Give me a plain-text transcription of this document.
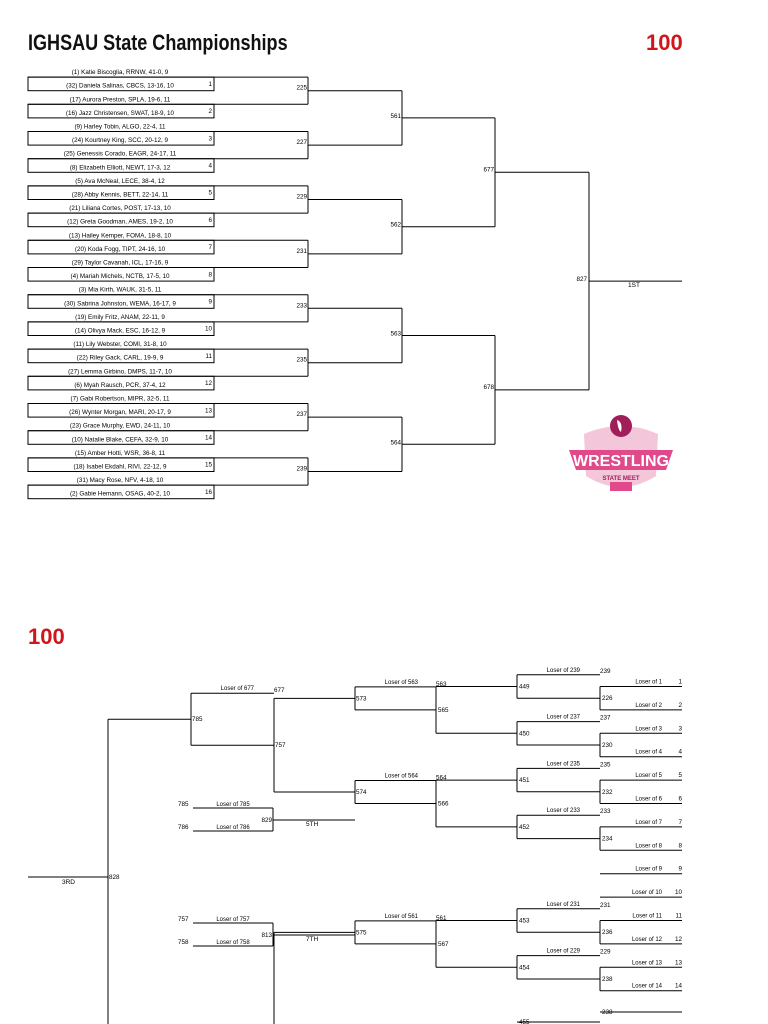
IGHSAU State Championships	100
100
WRESTLING
STATE MEET
(1) Katie Biscoglia, RRNW, 41-0, 9
(32) Daniela Salinas, CBCS, 13-16, 10
(17) Aurora Preston, SPLA, 19-6, 11
(16) Jazz Christensen, SWAT, 18-9, 10
(9) Harley Tobin, ALGO, 22-4, 11
(24) Kourtney King, SCC, 20-12, 9
(25) Genessis Corado, EAGR, 24-17, 11
(8) Elizabeth Elliott, NEWT, 17-3, 12
(5) Ava McNeal, LECE, 38-4, 12
(28) Abby Kennis, BETT, 22-14, 11
(21) Liliana Cortes, POST, 17-13, 10
(12) Greta Goodman, AMES, 19-2, 10
(13) Hailey Kemper, FOMA, 18-8, 10
(20) Koda Fogg, TIPT, 24-16, 10
(29) Taylor Cavanah, ICL, 17-16, 9
(4) Mariah Michels, NCTB, 17-5, 10
(3) Mia Kirth, WAUK, 31-5, 11
(30) Sabrina Johnston, WEMA, 16-17, 9
(19) Emily Fritz, ANAM, 22-11, 9
(14) Olivya Mack, ESC, 16-12, 9
(11) Lily Webster, COMI, 31-8, 10
(22) Riley Gack, CARL, 19-9, 9
(27) Lemma Girbino, DMPS, 11-7, 10
(6) Myah Rausch, PCR, 37-4, 12
(7) Gabi Robertson, MIPR, 32-5, 11
(26) Wynter Morgan, MARI, 20-17, 9
(23) Grace Murphy, EWD, 24-11, 10
(10) Natalie Blake, CEFA, 32-9, 10
(15) Amber Hotti, WSR, 36-8, 11
(18) Isabel Ekdahl, RIVI, 22-12, 9
(31) Macy Rose, NFV, 4-18, 10
(2) Gabie Hemann, OSAG, 40-2, 10
1
2
3
4
5
6
7
8
9
10
11
12
13
14
15
16
225
227
229
231
233
235
237
239
561
562
563
564
677
678
827
1ST
Loser of 1	1
Loser of 2	2
Loser of 3	3
Loser of 4	4
Loser of 5	5
Loser of 6	6
Loser of 7	7
Loser of 8	8
Loser of 9	9
Loser of 10 10
Loser of 11 11
Loser of 12 12
Loser of 13 13
Loser of 14 14
226
230
232
234
236
238
Loser of 239	239
449
Loser of 237	237
450
Loser of 235	235
451
Loser of 233	233
452
Loser of 231	231
453
Loser of 229	229
454
455
238
565
566
567
Loser of 563	563
573
Loser of 564	564
574
Loser of 561	561
575
757
Loser of 677	677
785
828
3RD
785	Loser of 785
786	Loser of 786
829
5TH
757	Loser of 757
758	Loser of 758
813
7TH
